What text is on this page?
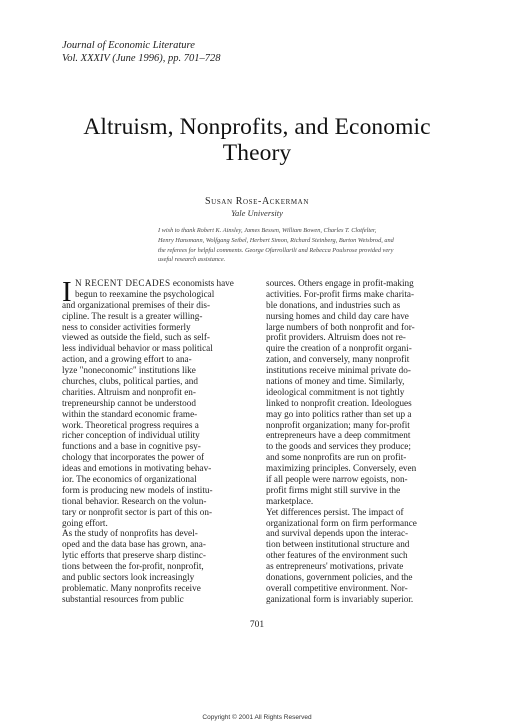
Journal of Economic Literature
Vol. XXXIV (June 1996), pp. 701–728
Altruism, Nonprofits, and Economic
Theory
Susan Rose-Ackerman
Yale University
I wish to thank Robert K. Ainsley, James Bessen, William Bowen, Charles T. Clotfelter,
Henry Hansmann, Wolfgang Seibel, Herbert Simon, Richard Steinberg, Burton Weisbrod, and
the referees for helpful comments. George Ofarrollarili and Rebecca Poulsrose provided very
useful research assistance.
I N RECENT DECADES economists have
begun to reexamine the psychological
and organizational premises of their dis-
cipline. The result is a greater willing-
ness to consider activities formerly
viewed as outside the field, such as self-
less individual behavior or mass political
action, and a growing effort to ana-
lyze "noneconomic" institutions like
churches, clubs, political parties, and
charities. Altruism and nonprofit en-
trepreneurship cannot be understood
within the standard economic frame-
work. Theoretical progress requires a
richer conception of individual utility
functions and a base in cognitive psy-
chology that incorporates the power of
ideas and emotions in motivating behav-
ior. The economics of organizational
form is producing new models of institu-
tional behavior. Research on the volun-
tary or nonprofit sector is part of this on-
going effort.
As the study of nonprofits has devel-
oped and the data base has grown, ana-
lytic efforts that preserve sharp distinc-
tions between the for-profit, nonprofit,
and public sectors look increasingly
problematic. Many nonprofits receive
substantial resources from public
sources. Others engage in profit-making
activities. For-profit firms make charita-
ble donations, and industries such as
nursing homes and child day care have
large numbers of both nonprofit and for-
profit providers. Altruism does not re-
quire the creation of a nonprofit organi-
zation, and conversely, many nonprofit
institutions receive minimal private do-
nations of money and time. Similarly,
ideological commitment is not tightly
linked to nonprofit creation. Ideologues
may go into politics rather than set up a
nonprofit organization; many for-profit
entrepreneurs have a deep commitment
to the goods and services they produce;
and some nonprofits are run on profit-
maximizing principles. Conversely, even
if all people were narrow egoists, non-
profit firms might still survive in the
marketplace.
Yet differences persist. The impact of
organizational form on firm performance
and survival depends upon the interac-
tion between institutional structure and
other features of the environment such
as entrepreneurs' motivations, private
donations, government policies, and the
overall competitive environment. Nor-
ganizational form is invariably superior.
701
Copyright © 2001 All Rights Reserved
